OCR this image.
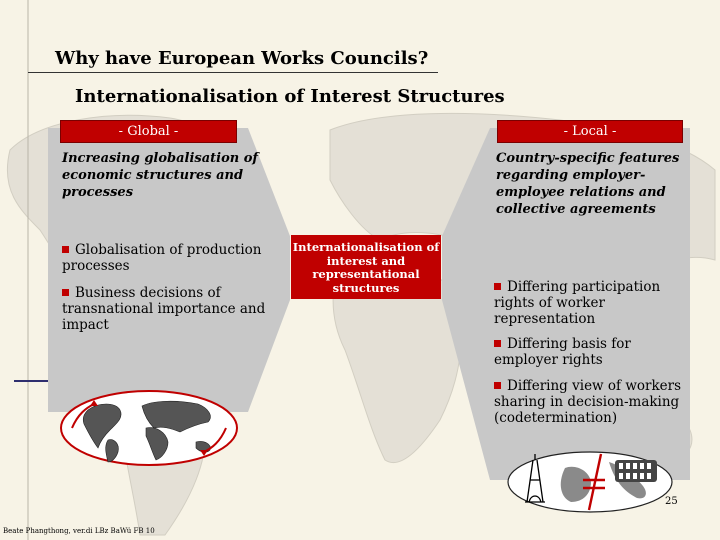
Why have European Works Councils?
Internationalisation of Interest Structures
- Global -
Increasing globalisation of economic structures and processes
Globalisation of production processes
Business decisions of transnational importance and impact
Internationalisation of interest and representational structures
- Local -
Country-specific features regarding employer-employee relations and collective agreements
Differing participation rights of worker representation
Differing basis for employer rights
Differing view of workers sharing in decision-making (codetermination)
25
Beate Phangthong, ver.di LBz BaWü FB 10
